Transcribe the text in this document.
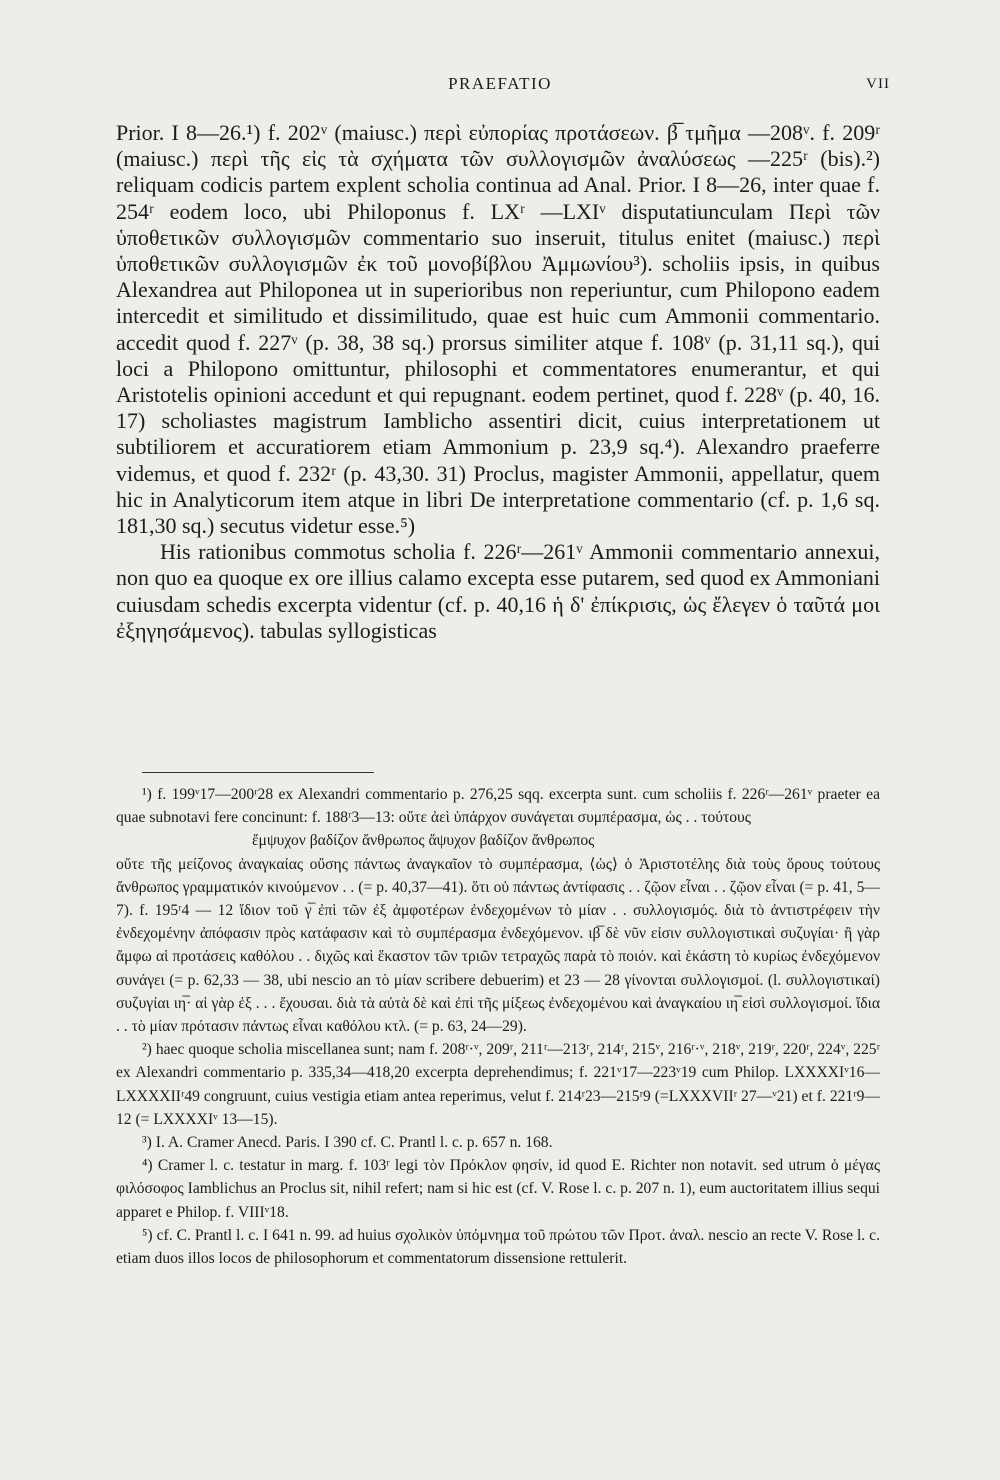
PRAEFATIO	VII

Prior. I 8—26.¹) f. 202ᵛ (maiusc.) περὶ εὐπορίας προτάσεων. β̅ τμῆμα —208ᵛ. f. 209ʳ (maiusc.) περὶ τῆς εἰς τὰ σχήματα τῶν συλλογισμῶν ἀναλύσεως —225ʳ (bis).²) reliquam codicis partem explent scholia continua ad Anal. Prior. I 8—26, inter quae f. 254ʳ eodem loco, ubi Philoponus f. LXʳ —LXIᵛ disputatiunculam Περὶ τῶν ὑποθετικῶν συλλογισμῶν commentario suo inseruit, titulus enitet (maiusc.) περὶ ὑποθετικῶν συλλογισμῶν ἐκ τοῦ μονοβίβλου Ἀμμωνίου³). scholiis ipsis, in quibus Alexandrea aut Philoponea ut in superioribus non reperiuntur, cum Philopono eadem intercedit et similitudo et dissimilitudo, quae est huic cum Ammonii commentario. accedit quod f. 227ᵛ (p. 38, 38 sq.) prorsus similiter atque f. 108ᵛ (p. 31,11 sq.), qui loci a Philopono omittuntur, philosophi et commentatores enumerantur, et qui Aristotelis opinioni accedunt et qui repugnant. eodem pertinet, quod f. 228ᵛ (p. 40, 16. 17) scholiastes magistrum Iamblicho assentiri dicit, cuius interpretationem ut subtiliorem et accuratiorem etiam Ammonium p. 23,9 sq.⁴). Alexandro praeferre videmus, et quod f. 232ʳ (p. 43,30. 31) Proclus, magister Ammonii, appellatur, quem hic in Analyticorum item atque in libri De interpretatione commentario (cf. p. 1,6 sq. 181,30 sq.) secutus videtur esse.⁵)

His rationibus commotus scholia f. 226ʳ—261ᵛ Ammonii commentario annexui, non quo ea quoque ex ore illius calamo excepta esse putarem, sed quod ex Ammoniani cuiusdam schedis excerpta videntur (cf. p. 40,16 ἡ δ' ἐπίκρισις, ὡς ἔλεγεν ὁ ταῦτά μοι ἐξηγησάμενος). tabulas syllogisticas

¹) f. 199ᵛ17—200ʳ28 ex Alexandri commentario p. 276,25 sqq. excerpta sunt. cum scholiis f. 226ʳ—261ᵛ praeter ea quae subnotavi fere concinunt: f. 188ʳ3—13: οὔτε ἀεὶ ὑπάρχον συνάγεται συμπέρασμα, ὡς . . τούτους

ἔμψυχον βαδίζον ἄνθρωπος ἄψυχον βαδίζον ἄνθρωπος

οὔτε τῆς μείζονος ἀναγκαίας οὔσης πάντως ἀναγκαῖον τὸ συμπέρασμα, ⟨ὡς⟩ ὁ Ἀριστοτέλης διὰ τοὺς ὅρους τούτους ἄνθρωπος γραμματικόν κινούμενον . . (= p. 40,37—41). ὅτι οὐ πάντως ἀντίφασις . . ζῷον εἶναι . . ζῷον εἶναι (= p. 41, 5—7). f. 195ʳ4 — 12 ἴδιον τοῦ γ̅ ἐπὶ τῶν ἐξ ἀμφοτέρων ἐνδεχομένων τὸ μίαν . . συλλογισμός. διὰ τὸ ἀντιστρέφειν τὴν ἐνδεχομένην ἀπόφασιν πρὸς κατάφασιν καὶ τὸ συμπέρασμα ἐνδεχόμενον. ιβ̅ δὲ νῦν εἰσιν συλλογιστικαὶ συζυγίαι· ἢ γὰρ ἄμφω αἱ προτάσεις καθόλου . . διχῶς καὶ ἕκαστον τῶν τριῶν τετραχῶς παρὰ τὸ ποιόν. καὶ ἑκάστη τὸ κυρίως ἐνδεχόμενον συνάγει (= p. 62,33 — 38, ubi nescio an τὸ μίαν scribere debuerim) et 23 — 28 γίνονται συλλογισμοί. (l. συλλογιστικαί) συζυγίαι ιη̅· αἱ γὰρ ἐξ . . . ἔχουσαι. διὰ τὰ αὐτὰ δὲ καὶ ἐπὶ τῆς μίξεως ἐνδεχομένου καὶ ἀναγκαίου ιη̅ εἰσὶ συλλογισμοί. ἴδια . . τὸ μίαν πρότασιν πάντως εἶναι καθόλου κτλ. (= p. 63, 24—29).

²) haec quoque scholia miscellanea sunt; nam f. 208ʳ·ᵛ, 209ʳ, 211ʳ—213ʳ, 214ʳ, 215ᵛ, 216ʳ·ᵛ, 218ᵛ, 219ʳ, 220ʳ, 224ᵛ, 225ʳ ex Alexandri commentario p. 335,34—418,20 excerpta deprehendimus; f. 221ᵛ17—223ᵛ19 cum Philop. LXXXXIᵛ16—LXXXXIIʳ49 congruunt, cuius vestigia etiam antea reperimus, velut f. 214ʳ23—215ʳ9 (=LXXXVIIʳ 27—ᵛ21) et f. 221ʳ9—12 (= LXXXXIᵛ 13—15).

³) I. A. Cramer Anecd. Paris. I 390 cf. C. Prantl l. c. p. 657 n. 168.

⁴) Cramer l. c. testatur in marg. f. 103ʳ legi τὸν Πρόκλον φησίν, id quod E. Richter non notavit. sed utrum ὁ μέγας φιλόσοφος Iamblichus an Proclus sit, nihil refert; nam si hic est (cf. V. Rose l. c. p. 207 n. 1), eum auctoritatem illius sequi apparet e Philop. f. VIIIᵛ18.

⁵) cf. C. Prantl l. c. I 641 n. 99. ad huius σχολικὸν ὑπόμνημα τοῦ πρώτου τῶν Προτ. ἀναλ. nescio an recte V. Rose l. c. etiam duos illos locos de philosophorum et commentatorum dissensione rettulerit.
